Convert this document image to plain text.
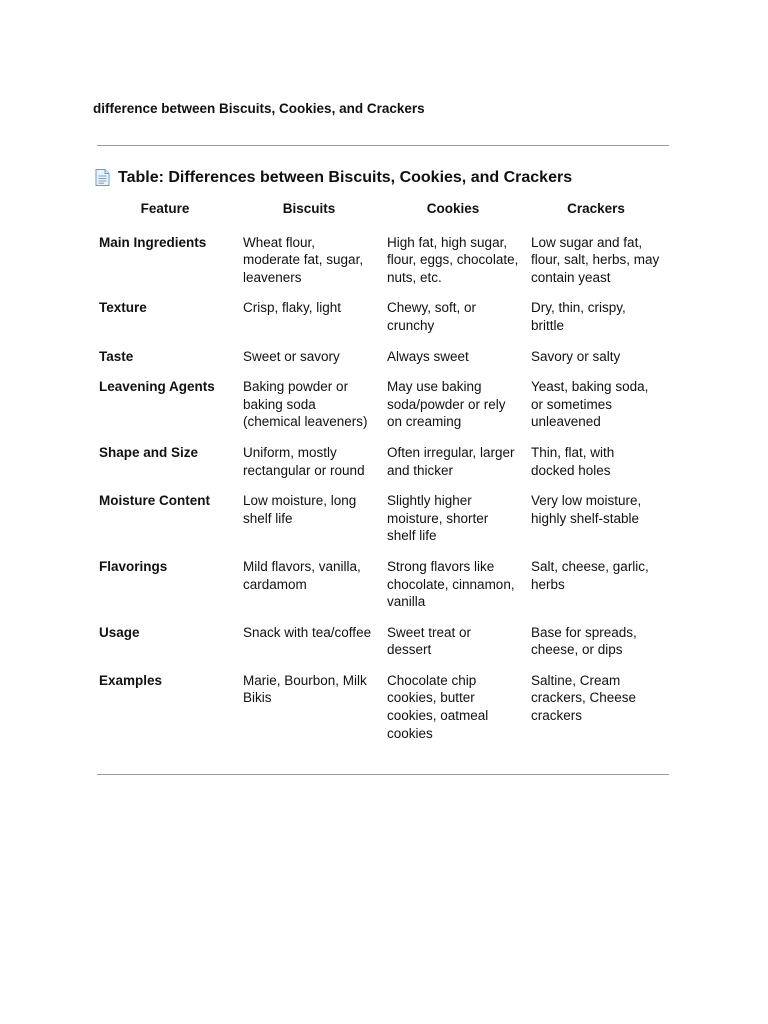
difference between Biscuits, Cookies, and Crackers
Table: Differences between Biscuits, Cookies, and Crackers
Feature	Biscuits	Cookies	Crackers
Main Ingredients	Wheat flour, moderate fat, sugar, leaveners	High fat, high sugar, flour, eggs, chocolate, nuts, etc.	Low sugar and fat, flour, salt, herbs, may contain yeast
Texture	Crisp, flaky, light	Chewy, soft, or crunchy	Dry, thin, crispy, brittle
Taste	Sweet or savory	Always sweet	Savory or salty
Leavening Agents	Baking powder or baking soda (chemical leaveners)	May use baking soda/powder or rely on creaming	Yeast, baking soda, or sometimes unleavened
Shape and Size	Uniform, mostly rectangular or round	Often irregular, larger and thicker	Thin, flat, with docked holes
Moisture Content	Low moisture, long shelf life	Slightly higher moisture, shorter shelf life	Very low moisture, highly shelf-stable
Flavorings	Mild flavors, vanilla, cardamom	Strong flavors like chocolate, cinnamon, vanilla	Salt, cheese, garlic, herbs
Usage	Snack with tea/coffee	Sweet treat or dessert	Base for spreads, cheese, or dips
Examples	Marie, Bourbon, Milk Bikis	Chocolate chip cookies, butter cookies, oatmeal cookies	Saltine, Cream crackers, Cheese crackers
